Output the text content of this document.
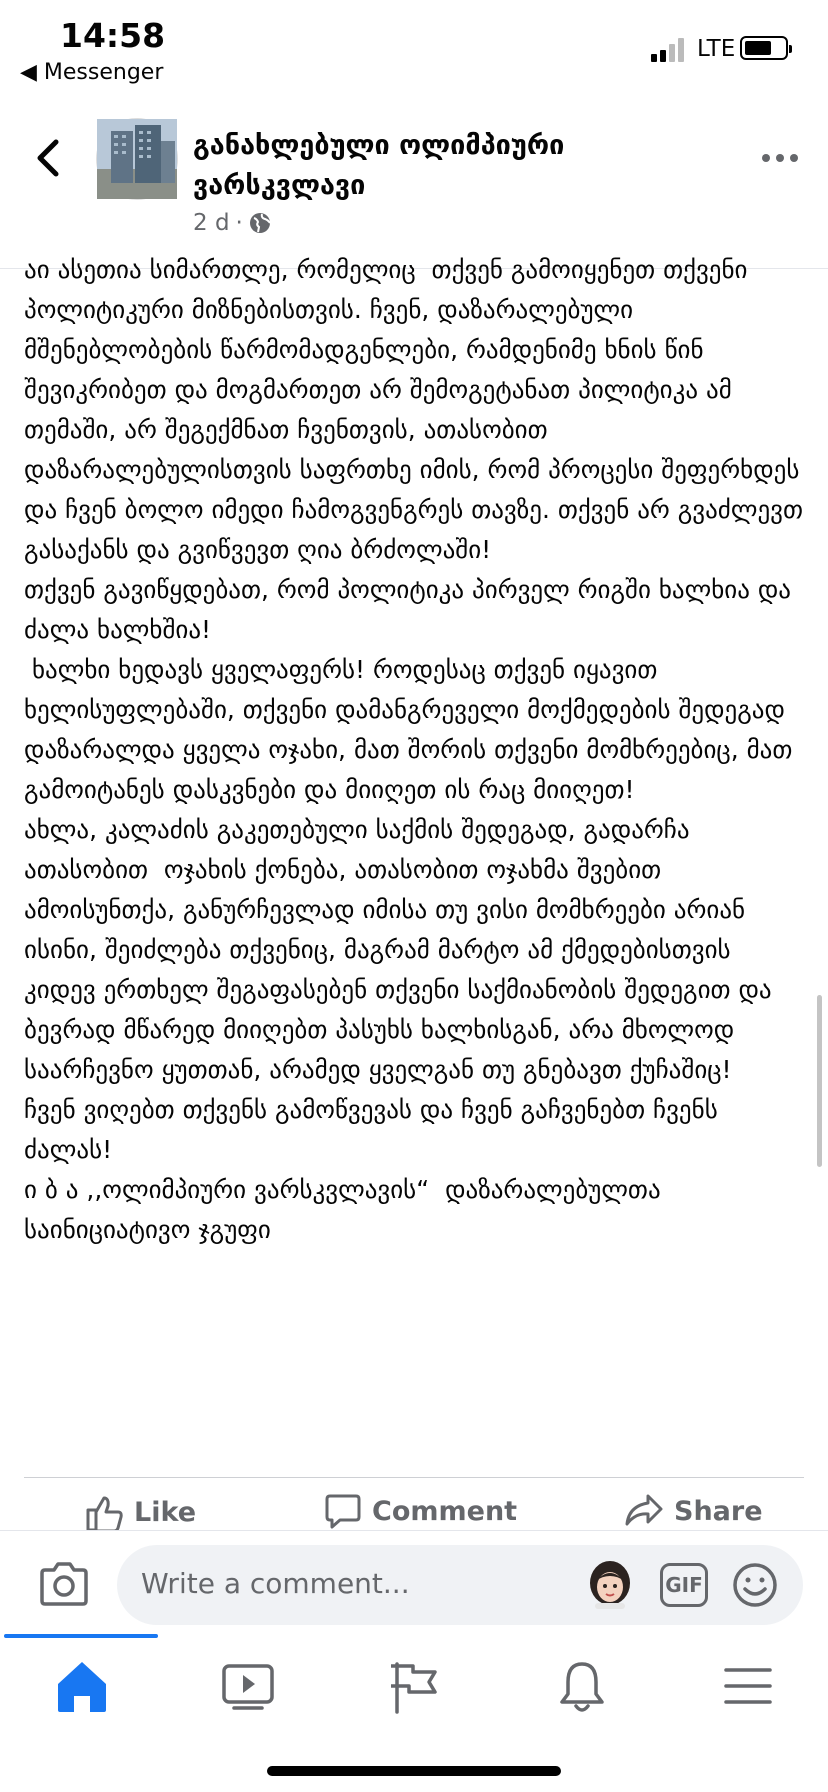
14:58
◀ Messenger
LTE
განახლებული ოლიმპიური ვარსკვლავი
2 d ·

აი ასეთია სიმართლე, რომელიც  თქვენ გამოიყენეთ თქვენი პოლიტიკური მიზნებისთვის. ჩვენ, დაზარალებული მშენებლობების წარმომადგენლები, რამდენიმე ხნის წინ შევიკრიბეთ და მოგმართეთ არ შემოგეტანათ პილიტიკა ამ თემაში, არ შეგექმნათ ჩვენთვის, ათასობით დაზარალებულისთვის საფრთხე იმის, რომ პროცესი შეფერხდეს და ჩვენ ბოლო იმედი ჩამოგვენგრეს თავზე. თქვენ არ გვაძლევთ გასაქანს და გვიწვევთ ღია ბრძოლაში!
თქვენ გავიწყდებათ, რომ პოლიტიკა პირველ რიგში ხალხია და ძალა ხალხშია!
ხალხი ხედავს ყველაფერს! როდესაც თქვენ იყავით ხელისუფლებაში, თქვენი დამანგრეველი მოქმედების შედეგად დაზარალდა ყველა ოჯახი, მათ შორის თქვენი მომხრეებიც, მათ გამოიტანეს დასკვნები და მიიღეთ ის რაც მიიღეთ!
ახლა, კალაძის გაკეთებული საქმის შედეგად, გადარჩა ათასობით  ოჯახის ქონება, ათასობით ოჯახმა შვებით ამოისუნთქა, განურჩევლად იმისა თუ ვისი მომხრეები არიან ისინი, შეიძლება თქვენიც, მაგრამ მარტო ამ ქმედებისთვის კიდევ ერთხელ შეგაფასებენ თქვენი საქმიანობის შედეგით და ბევრად მწარედ მიიღებთ პასუხს ხალხისგან, არა მხოლოდ საარჩევნო ყუთთან, არამედ ყველგან თუ გნებავთ ქუჩაშიც!
ჩვენ ვიღებთ თქვენს გამოწვევას და ჩვენ გაჩვენებთ ჩვენს ძალას!
ი ბ ა ,,ოლიმპიური ვარსკვლავის“  დაზარალებულთა საინიციატივო ჯგუფი

Like	Comment	Share
Write a comment...	GIF
